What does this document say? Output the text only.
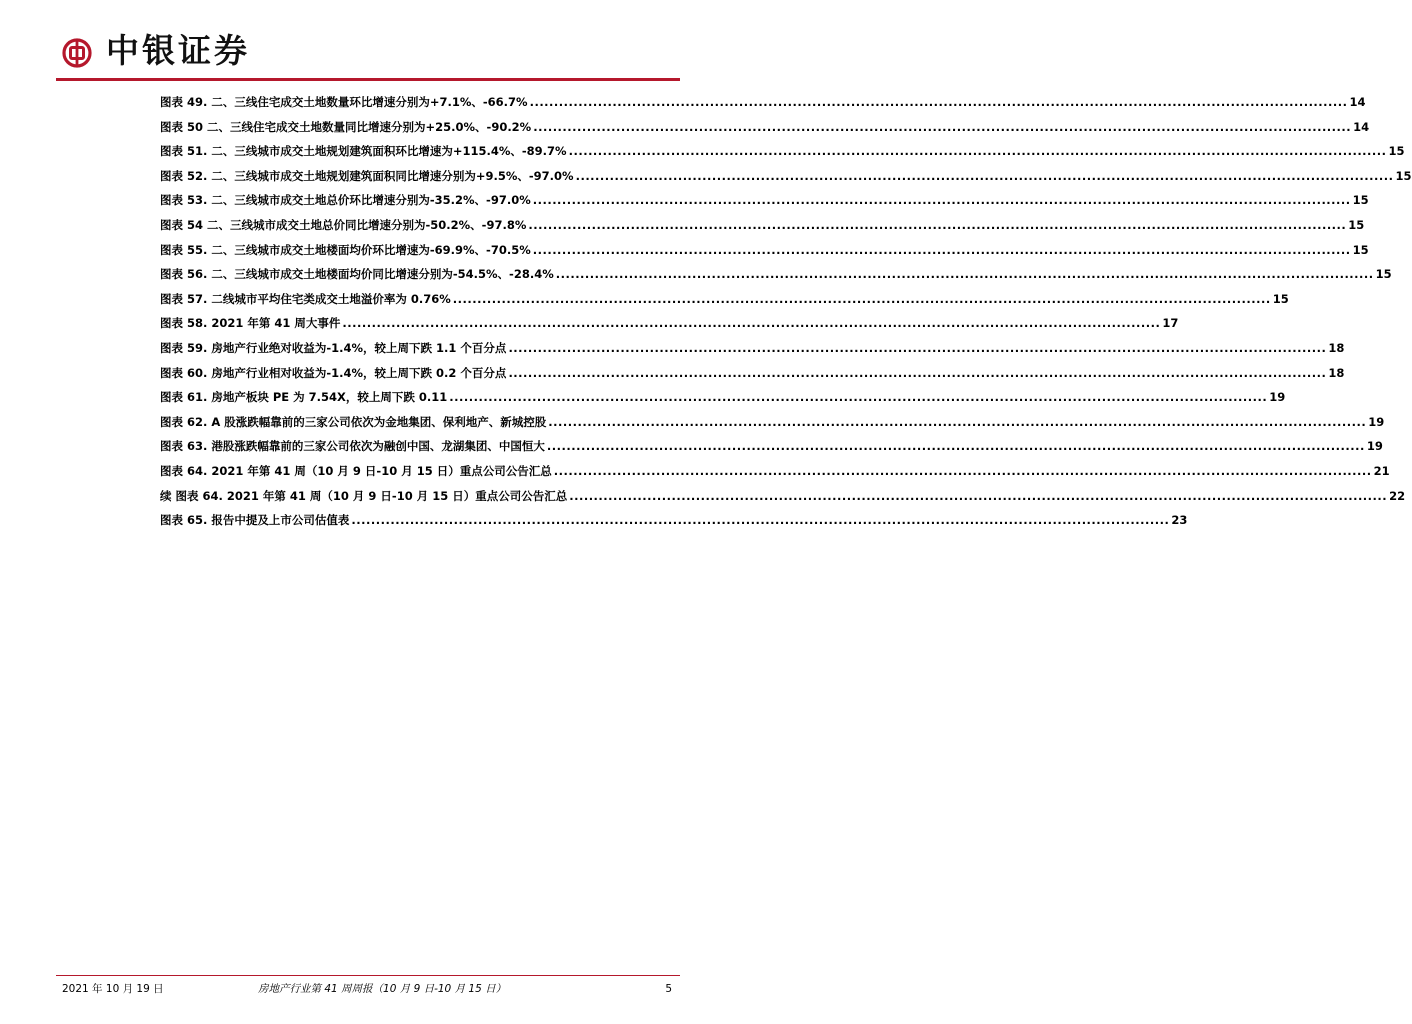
中银证券
图表 49. 二、三线住宅成交土地数量环比增速分别为+7.1%、-66.7% .....	14
图表 50 二、三线住宅成交土地数量同比增速分别为+25.0%、-90.2% .....	14
图表 51. 二、三线城市成交土地规划建筑面积环比增速为+115.4%、-89.7% .....	15
图表 52. 二、三线城市成交土地规划建筑面积同比增速分别为+9.5%、-97.0% .....	15
图表 53. 二、三线城市成交土地总价环比增速分别为-35.2%、-97.0% .....	15
图表 54 二、三线城市成交土地总价同比增速分别为-50.2%、-97.8% .....	15
图表 55. 二、三线城市成交土地楼面均价环比增速为-69.9%、-70.5% .....	15
图表 56. 二、三线城市成交土地楼面均价同比增速分别为-54.5%、-28.4% .....	15
图表 57. 二线城市平均住宅类成交土地溢价率为 0.76% .....	15
图表 58. 2021 年第 41 周大事件 .....	17
图表 59. 房地产行业绝对收益为-1.4%，较上周下跌 1.1 个百分点 .....	18
图表 60. 房地产行业相对收益为-1.4%，较上周下跌 0.2 个百分点 .....	18
图表 61. 房地产板块 PE 为 7.54X，较上周下跌 0.11 .....	19
图表 62. A 股涨跌幅靠前的三家公司依次为金地集团、保利地产、新城控股 .....	19
图表 63. 港股涨跌幅靠前的三家公司依次为融创中国、龙湖集团、中国恒大 .....	19
图表 64. 2021 年第 41 周（10 月 9 日-10 月 15 日）重点公司公告汇总 .....	21
续 图表 64. 2021 年第 41 周（10 月 9 日-10 月 15 日）重点公司公告汇总 .....	22
图表 65. 报告中提及上市公司估值表 .....	23
2021 年 10 月 19 日	房地产行业第 41 周周报（10 月 9 日-10 月 15 日）	5
